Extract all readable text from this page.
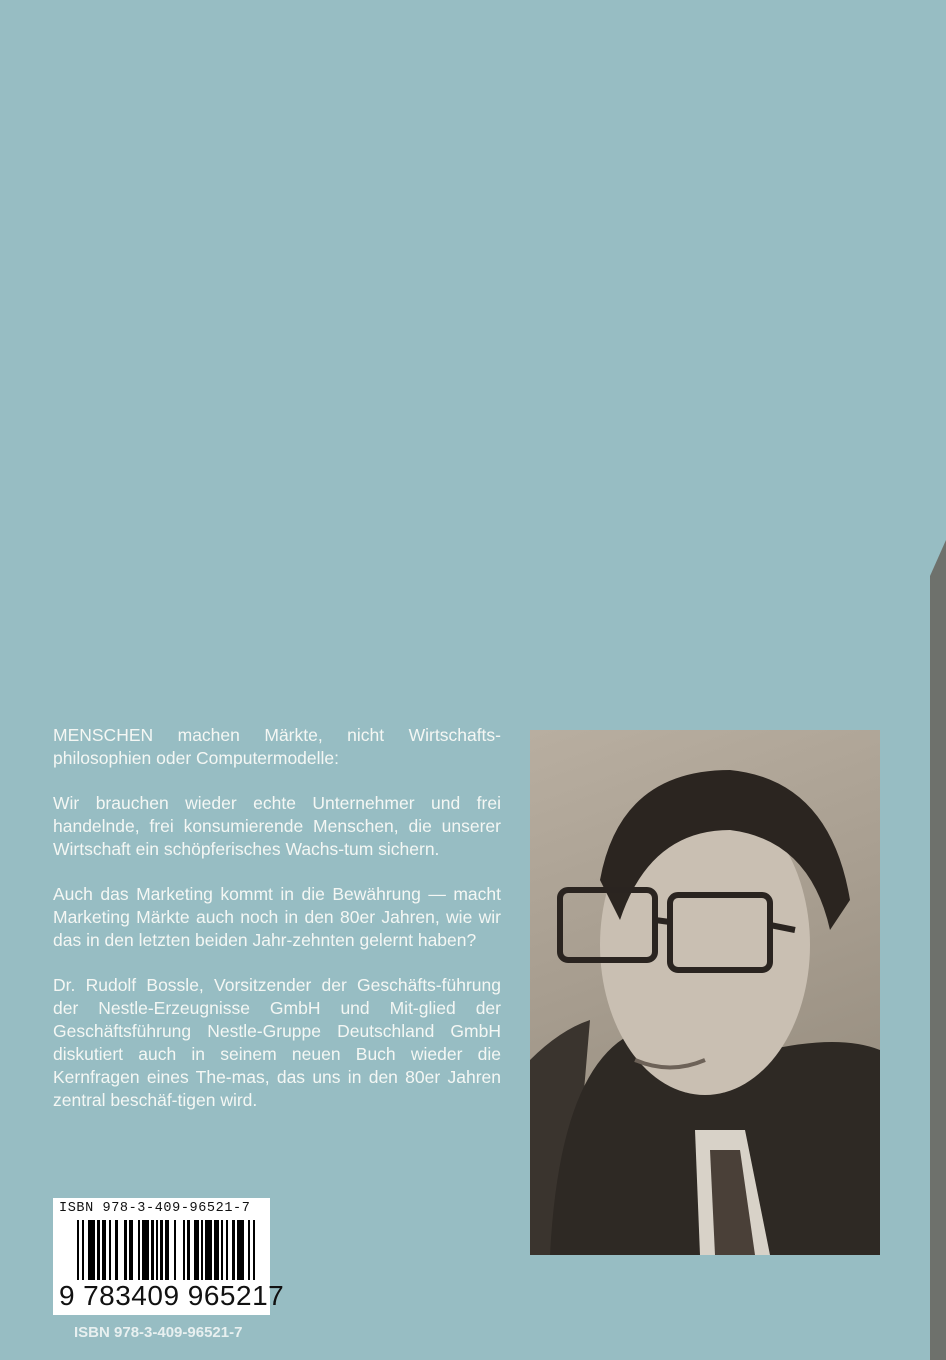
MENSCHEN machen Märkte, nicht Wirtschafts-philosophien oder Computermodelle:

Wir brauchen wieder echte Unternehmer und frei handelnde, frei konsumierende Menschen, die unserer Wirtschaft ein schöpferisches Wachs-tum sichern.

Auch das Marketing kommt in die Bewährung — macht Marketing Märkte auch noch in den 80er Jahren, wie wir das in den letzten beiden Jahr-zehnten gelernt haben?

Dr. Rudolf Bossle, Vorsitzender der Geschäfts-führung der Nestle-Erzeugnisse GmbH und Mit-glied der Geschäftsführung Nestle-Gruppe Deutschland GmbH diskutiert auch in seinem neuen Buch wieder die Kernfragen eines The-mas, das uns in den 80er Jahren zentral beschäf-tigen wird.

ISBN 978-3-409-96521-7
9 783409 965217
ISBN 978-3-409-96521-7
